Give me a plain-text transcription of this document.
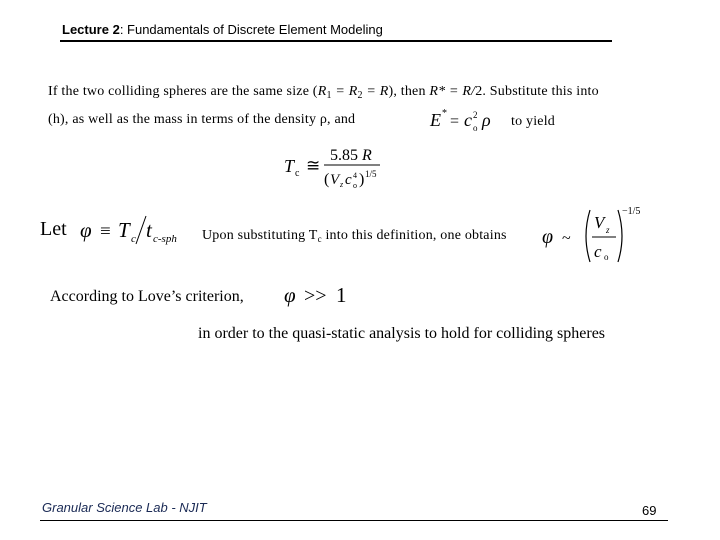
Lecture 2: Fundamentals of Discrete Element Modeling
If the two colliding spheres are the same size $(R_1 = R_2 = R)$, then R* = R/2. Substitute this into
(h), as well as the mass in terms of the density ρ, and	E * = c 2
o ρ to yield
T c ≅
5.85 R
( V z c 4
o ) 1/5
Let φ ≡ T c t c-sph Upon substituting $T_c$ into this definition, one obtains φ ~
V z
c o
−1/5
According to Love’s criterion, φ >> 1
in order to the quasi-static analysis to hold for colliding spheres
Granular Science Lab - NJIT	69
